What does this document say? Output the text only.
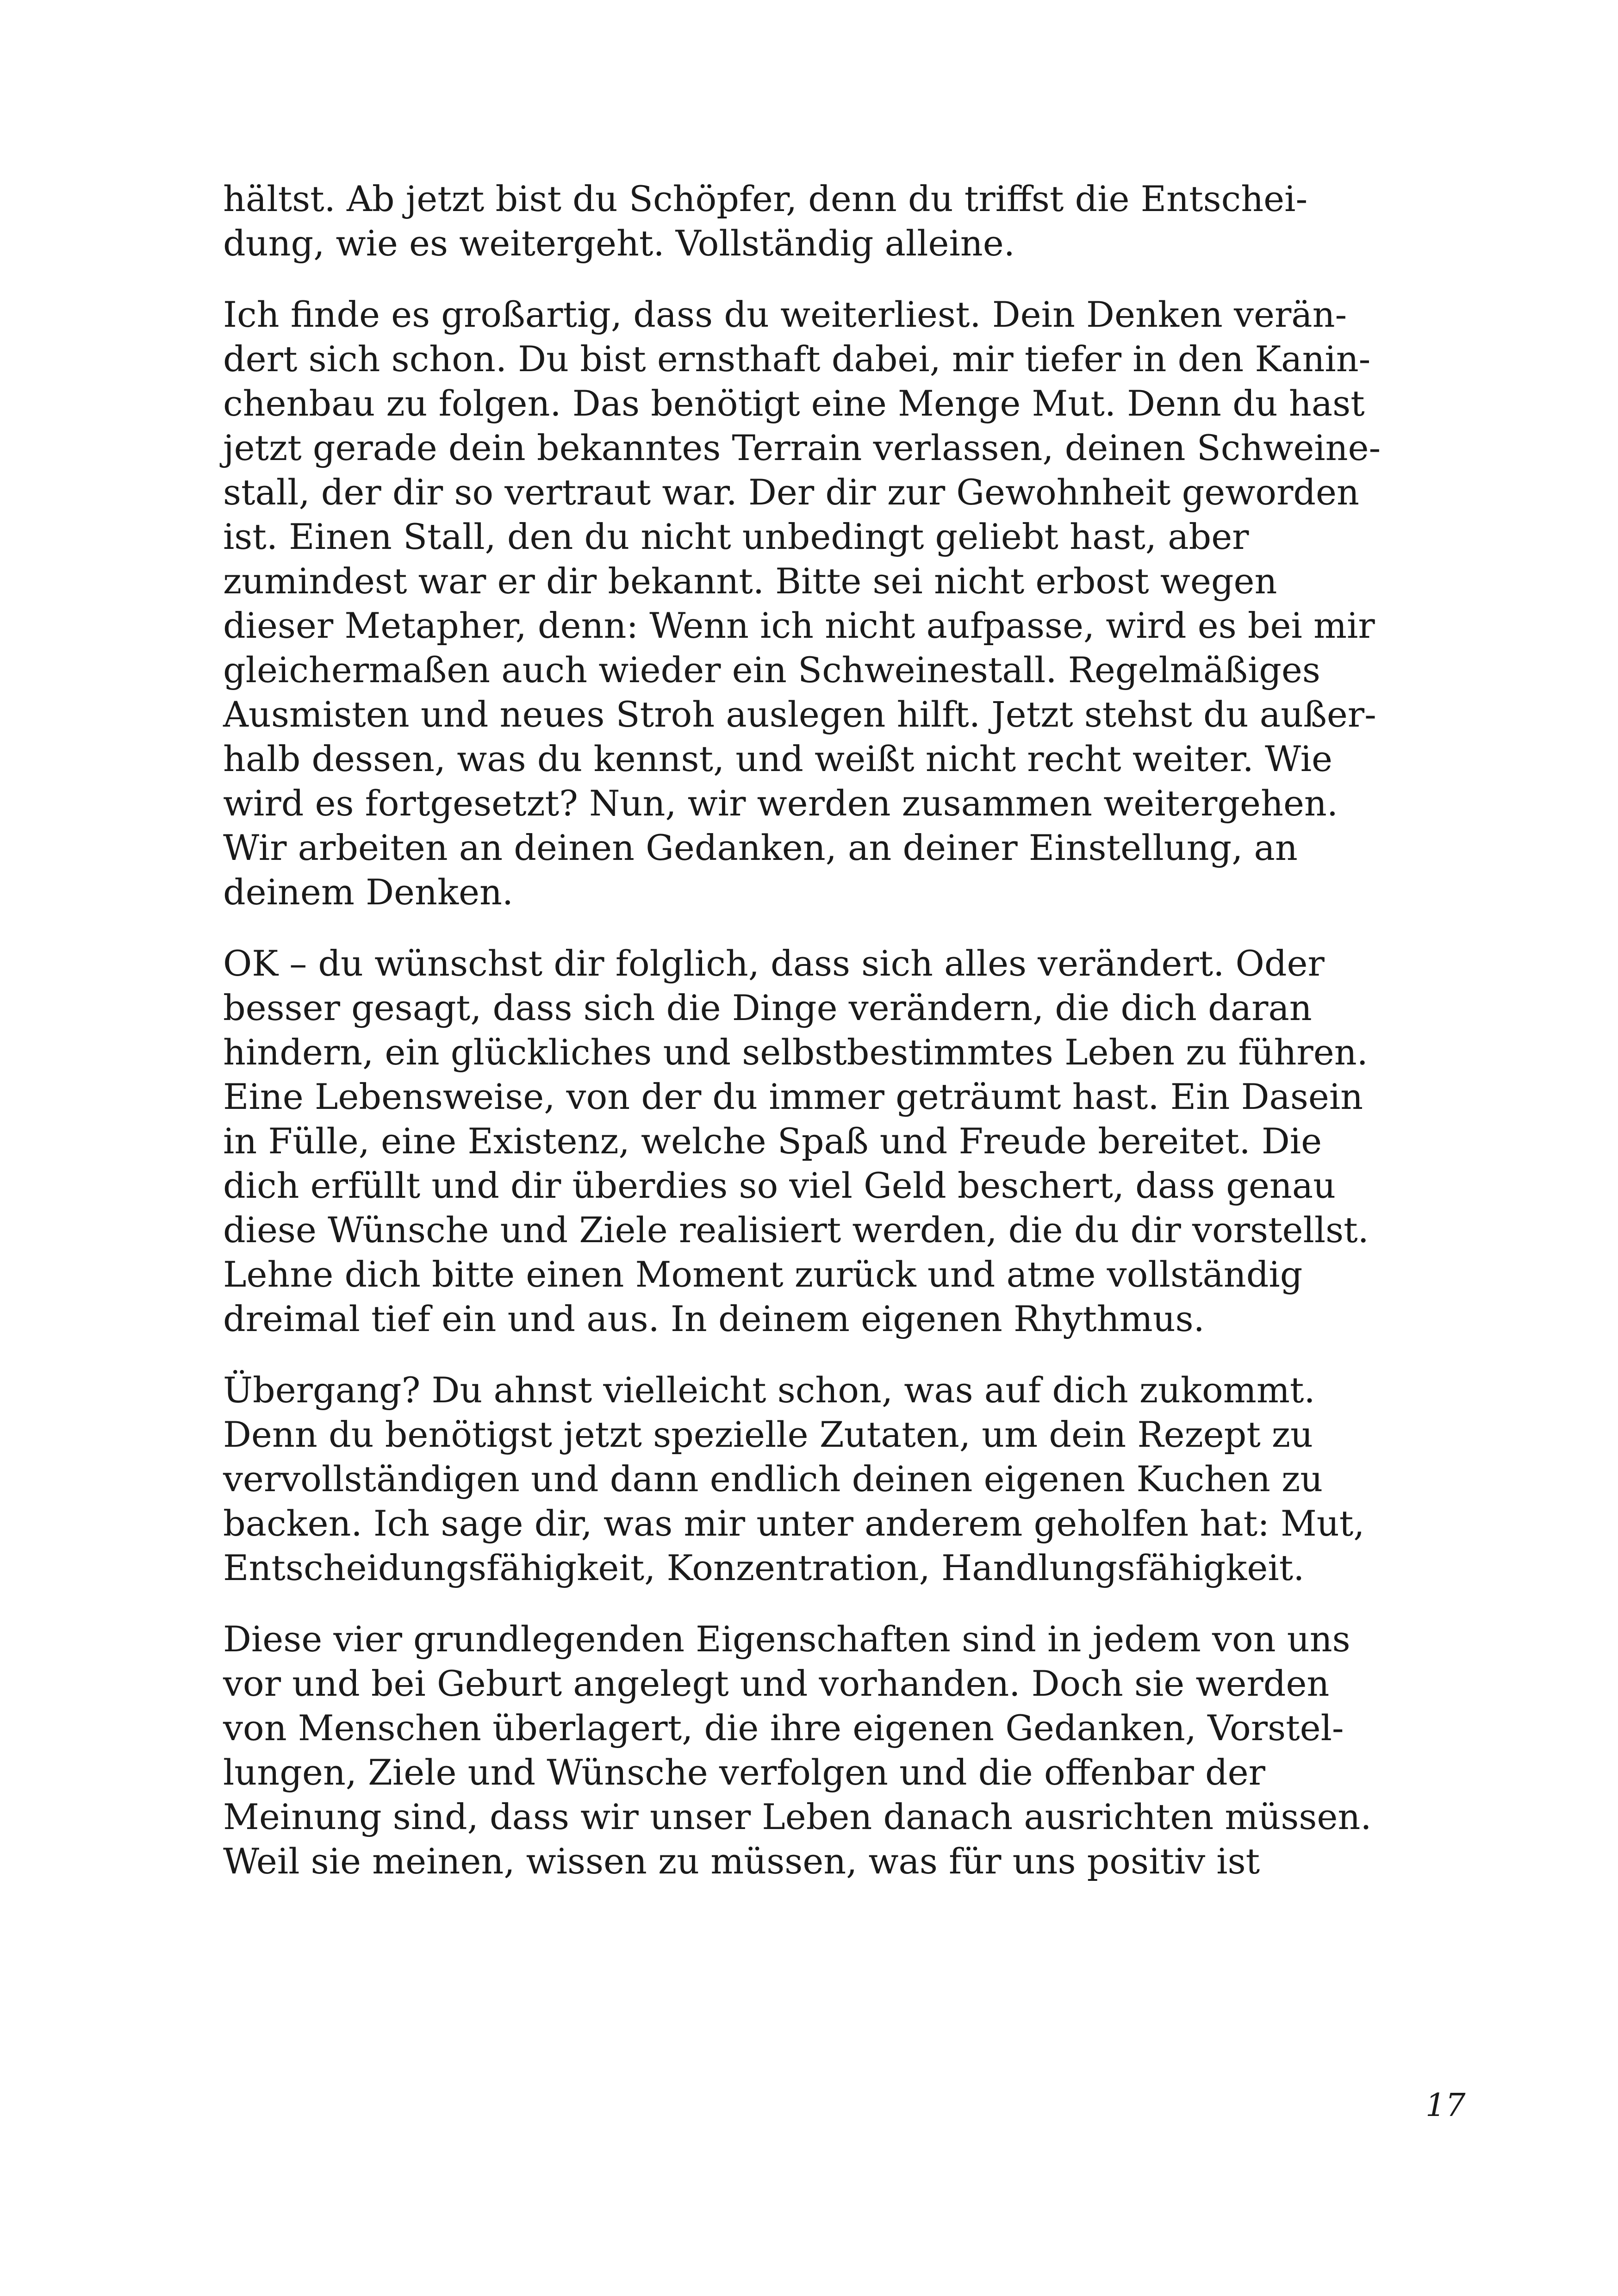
hältst. Ab jetzt bist du Schöpfer, denn du triffst die Entschei-
dung, wie es weitergeht. Vollständig alleine.

Ich finde es großartig, dass du weiterliest. Dein Denken verän-
dert sich schon. Du bist ernsthaft dabei, mir tiefer in den Kanin-
chenbau zu folgen. Das benötigt eine Menge Mut. Denn du hast
jetzt gerade dein bekanntes Terrain verlassen, deinen Schweine-
stall, der dir so vertraut war. Der dir zur Gewohnheit geworden
ist. Einen Stall, den du nicht unbedingt geliebt hast, aber
zumindest war er dir bekannt. Bitte sei nicht erbost wegen
dieser Metapher, denn: Wenn ich nicht aufpasse, wird es bei mir
gleichermaßen auch wieder ein Schweinestall. Regelmäßiges
Ausmisten und neues Stroh auslegen hilft. Jetzt stehst du außer-
halb dessen, was du kennst, und weißt nicht recht weiter. Wie
wird es fortgesetzt? Nun, wir werden zusammen weitergehen.
Wir arbeiten an deinen Gedanken, an deiner Einstellung, an
deinem Denken.

OK – du wünschst dir folglich, dass sich alles verändert. Oder
besser gesagt, dass sich die Dinge verändern, die dich daran
hindern, ein glückliches und selbstbestimmtes Leben zu führen.
Eine Lebensweise, von der du immer geträumt hast. Ein Dasein
in Fülle, eine Existenz, welche Spaß und Freude bereitet. Die
dich erfüllt und dir überdies so viel Geld beschert, dass genau
diese Wünsche und Ziele realisiert werden, die du dir vorstellst.
Lehne dich bitte einen Moment zurück und atme vollständig
dreimal tief ein und aus. In deinem eigenen Rhythmus.

Übergang? Du ahnst vielleicht schon, was auf dich zukommt.
Denn du benötigst jetzt spezielle Zutaten, um dein Rezept zu
vervollständigen und dann endlich deinen eigenen Kuchen zu
backen. Ich sage dir, was mir unter anderem geholfen hat: Mut,
Entscheidungsfähigkeit, Konzentration, Handlungsfähigkeit.

Diese vier grundlegenden Eigenschaften sind in jedem von uns
vor und bei Geburt angelegt und vorhanden. Doch sie werden
von Menschen überlagert, die ihre eigenen Gedanken, Vorstel-
lungen, Ziele und Wünsche verfolgen und die offenbar der
Meinung sind, dass wir unser Leben danach ausrichten müssen.
Weil sie meinen, wissen zu müssen, was für uns positiv ist

17
